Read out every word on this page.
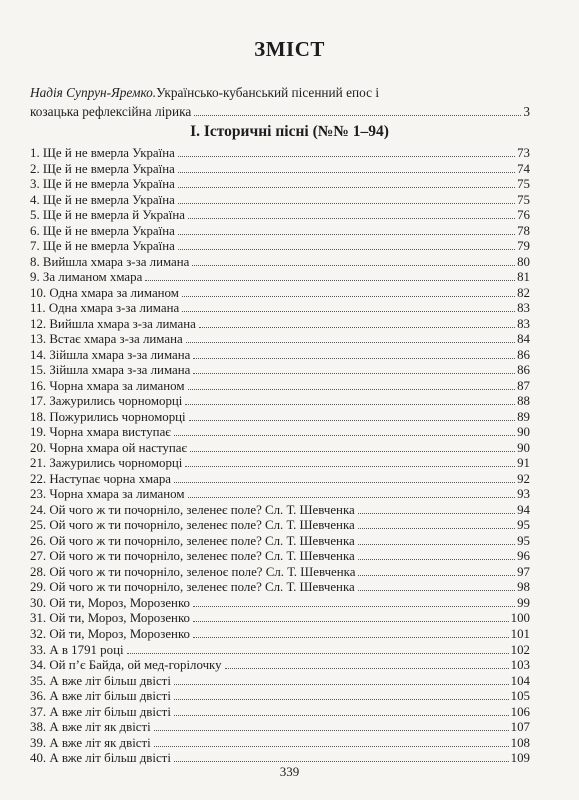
ЗМІСТ
Надія Супрун-Яремко. Українсько-кубанський пісенний епос і
козацька рефлексійна лірика	3
І. Історичні пісні (№№ 1–94)
1. Ще й не вмерла Україна	73
2. Ще й не вмерла Україна	74
3. Ще й не вмерла Україна	75
4. Ще й не вмерла Україна	75
5. Ще й не вмерла й Україна	76
6. Ще й не вмерла Україна	78
7. Ще й не вмерла Україна	79
8. Вийшла хмара з-за лимана	80
9. За лиманом хмара	81
10. Одна хмара за лиманом	82
11. Одна хмара з-за лимана	83
12. Вийшла хмара з-за лимана	83
13. Встає хмара з-за лимана	84
14. Зійшла хмара з-за лимана	86
15. Зійшла хмара з-за лимана	86
16. Чорна хмара за лиманом	87
17. Зажурились чорноморці	88
18. Пожурились чорноморці	89
19. Чорна хмара виступає	90
20. Чорна хмара ой наступає	90
21. Зажурились чорноморці	91
22. Наступає чорна хмара	92
23. Чорна хмара за лиманом	93
24. Ой чого ж ти почорніло, зеленеє поле? Сл. Т. Шевченка	94
25. Ой чого ж ти почорніло, зеленеє поле? Сл. Т. Шевченка	95
26. Ой чого ж ти почорніло, зеленеє поле? Сл. Т. Шевченка	95
27. Ой чого ж ти почорніло, зеленеє поле? Сл. Т. Шевченка	96
28. Ой чого ж ти почорніло, зеленоє поле? Сл. Т. Шевченка	97
29. Ой чого ж ти почорніло, зеленеє поле? Сл. Т. Шевченка	98
30. Ой ти, Мороз, Морозенко	99
31. Ой ти, Мороз, Морозенко	100
32. Ой ти, Мороз, Морозенко	101
33. А в 1791 році	102
34. Ой п’є Байда, ой мед-горілочку	103
35. А вже літ більш двісті	104
36. А вже літ більш двісті	105
37. А вже літ більш двісті	106
38. А вже літ як двісті	107
39. А вже літ як двісті	108
40. А вже літ більш двісті	109
339
